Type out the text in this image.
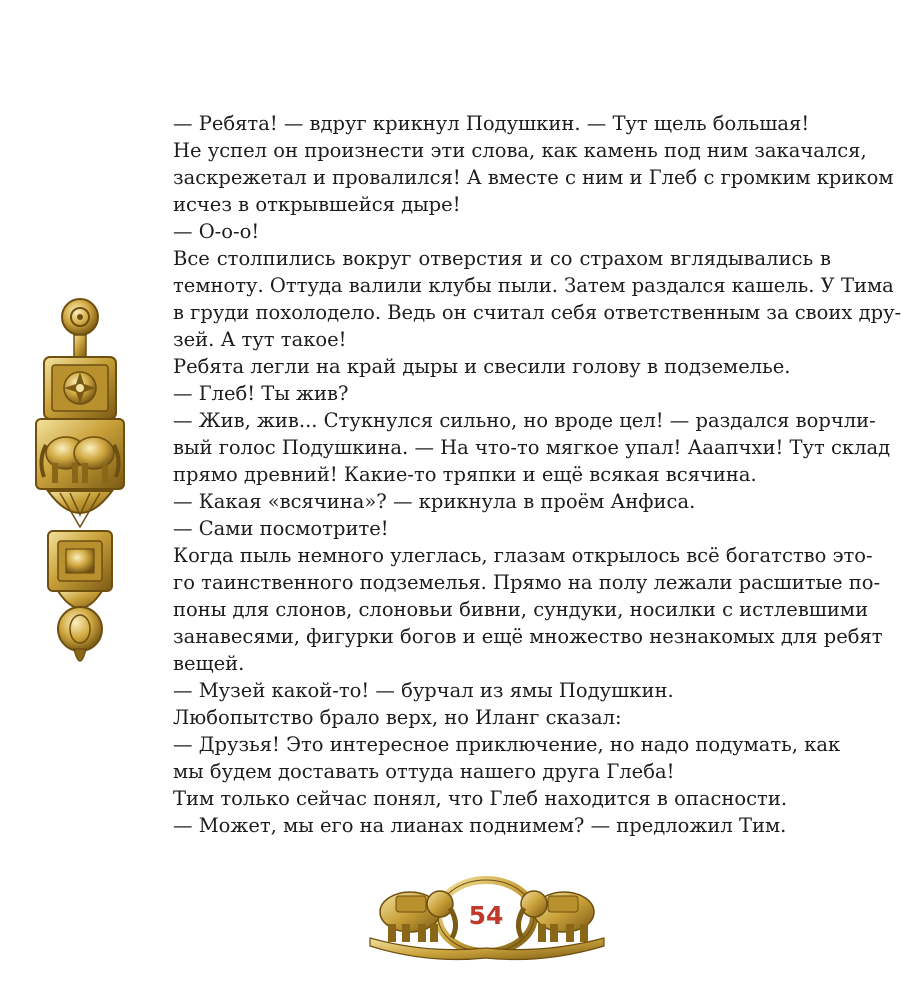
— Ребята! — вдруг крикнул Подушкин. — Тут щель большая!
Не успел он произнести эти слова, как камень под ним закачался,
заскрежетал и провалился! А вместе с ним и Глеб с громким криком
исчез в открывшейся дыре!
— О-о-о!
Все столпились вокруг отверстия и со страхом вглядывались в
темноту. Оттуда валили клубы пыли. Затем раздался кашель. У Тима
в груди похолодело. Ведь он считал себя ответственным за своих дру-
зей. А тут такое!
Ребята легли на край дыры и свесили голову в подземелье.
— Глеб! Ты жив?
— Жив, жив... Стукнулся сильно, но вроде цел! — раздался ворчли-
вый голос Подушкина. — На что-то мягкое упал! Ааапчхи! Тут склад
прямо древний! Какие-то тряпки и ещё всякая всячина.
— Какая «всячина»? — крикнула в проём Анфиса.
— Сами посмотрите!
Когда пыль немного улеглась, глазам открылось всё богатство это-
го таинственного подземелья. Прямо на полу лежали расшитые по-
поны для слонов, слоновьи бивни, сундуки, носилки с истлевшими
занавесями, фигурки богов и ещё множество незнакомых для ребят
вещей.
— Музей какой-то! — бурчал из ямы Подушкин.
Любопытство брало верх, но Иланг сказал:
— Друзья! Это интересное приключение, но надо подумать, как
мы будем доставать оттуда нашего друга Глеба!
Тим только сейчас понял, что Глеб находится в опасности.
— Может, мы его на лианах поднимем? — предложил Тим.
54
